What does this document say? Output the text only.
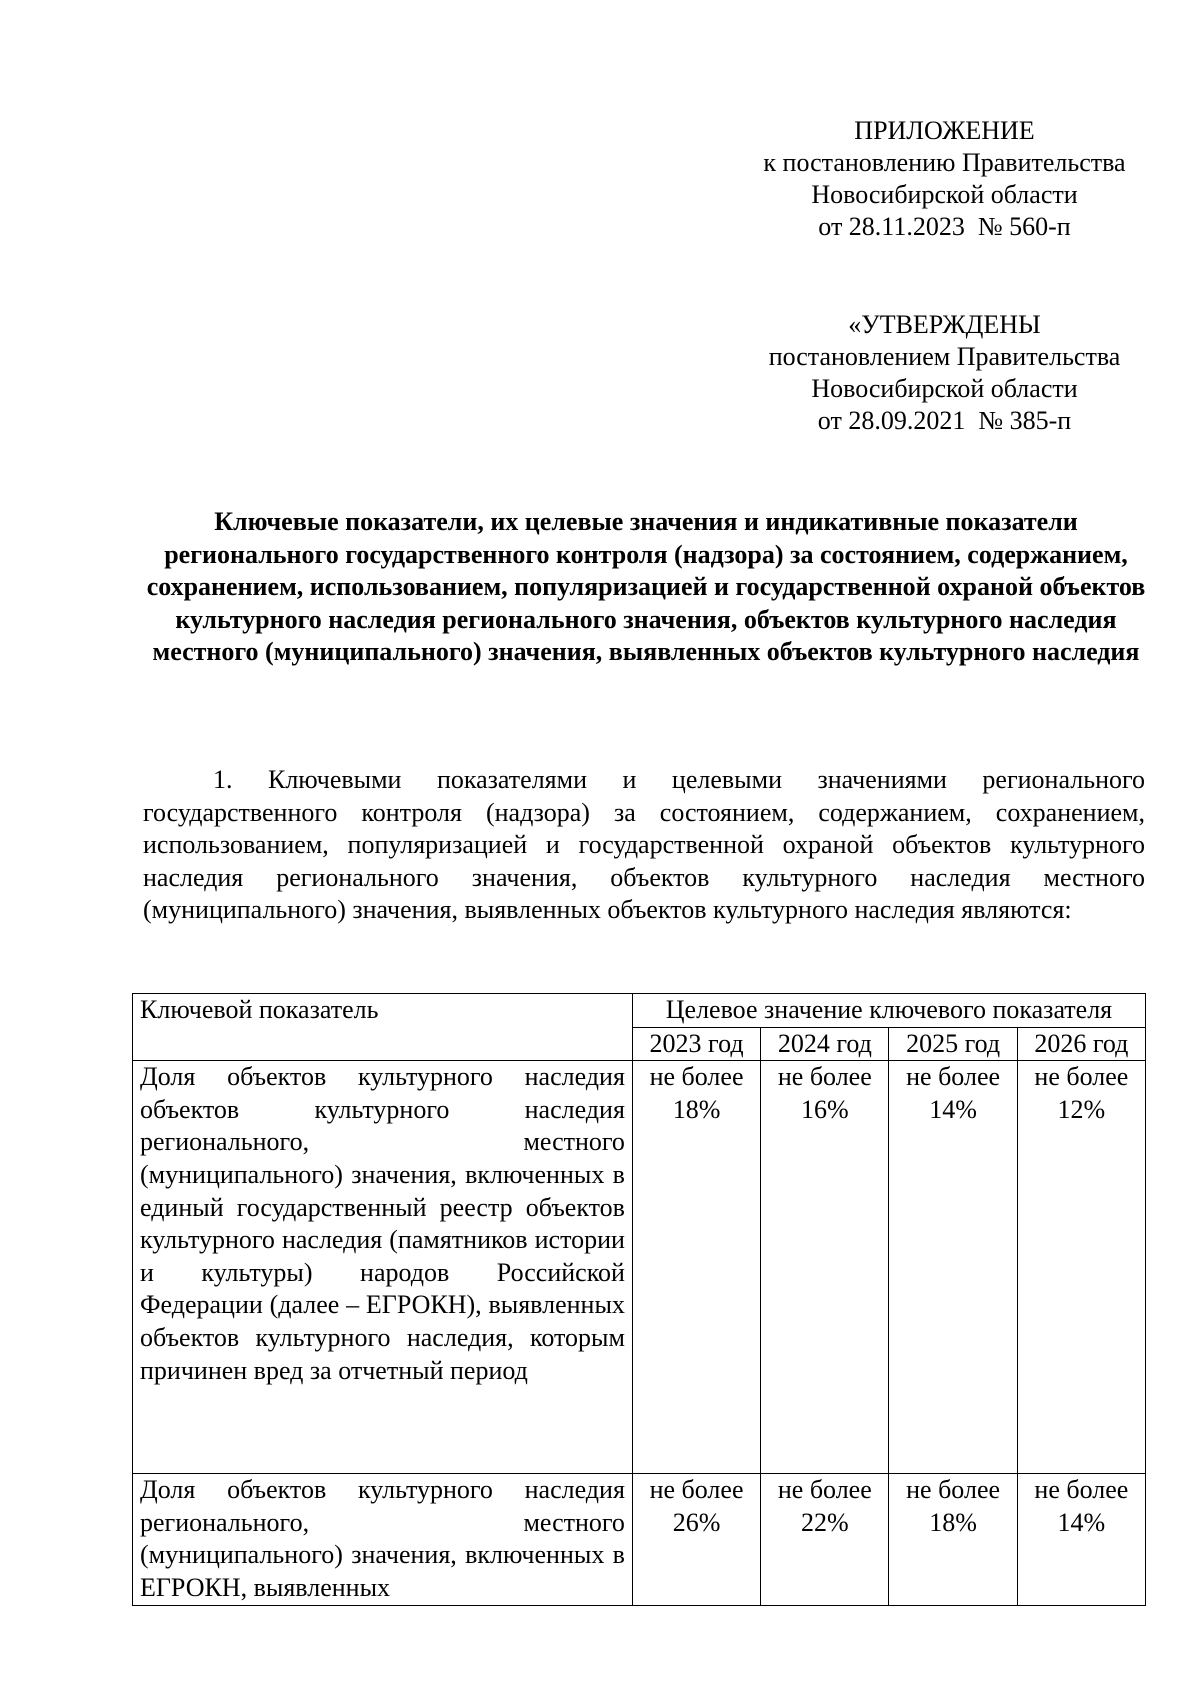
ПРИЛОЖЕНИЕ
к постановлению Правительства
Новосибирской области
от 28.11.2023  № 560-п
«УТВЕРЖДЕНЫ
постановлением Правительства
Новосибирской области
от 28.09.2021  № 385-п
Ключевые показатели, их целевые значения и индикативные показатели регионального государственного контроля (надзора) за состоянием, содержанием, сохранением, использованием, популяризацией и государственной охраной объектов культурного наследия регионального значения, объектов культурного наследия местного (муниципального) значения, выявленных объектов культурного наследия
1. Ключевыми показателями и целевыми значениями регионального государственного контроля (надзора) за состоянием, содержанием, сохранением, использованием, популяризацией и государственной охраной объектов культурного наследия регионального значения, объектов культурного наследия местного (муниципального) значения, выявленных объектов культурного наследия являются:
Ключевой показатель	Целевое значение ключевого показателя			
	2023 год	2024 год	2025 год	2026 год
Доля объектов культурного наследия объектов культурного наследия регионального, местного (муниципального) значения, включенных в единый государственный реестр объектов культурного наследия (памятников истории и культуры) народов Российской Федерации (далее – ЕГРОКН), выявленных объектов культурного наследия, которым причинен вред за отчетный период	не более 18%	не более 16%	не более 14%	не более 12%
Доля объектов культурного наследия регионального, местного (муниципального) значения, включенных в ЕГРОКН, выявленных	не более 26%	не более 22%	не более 18%	не более 14%
